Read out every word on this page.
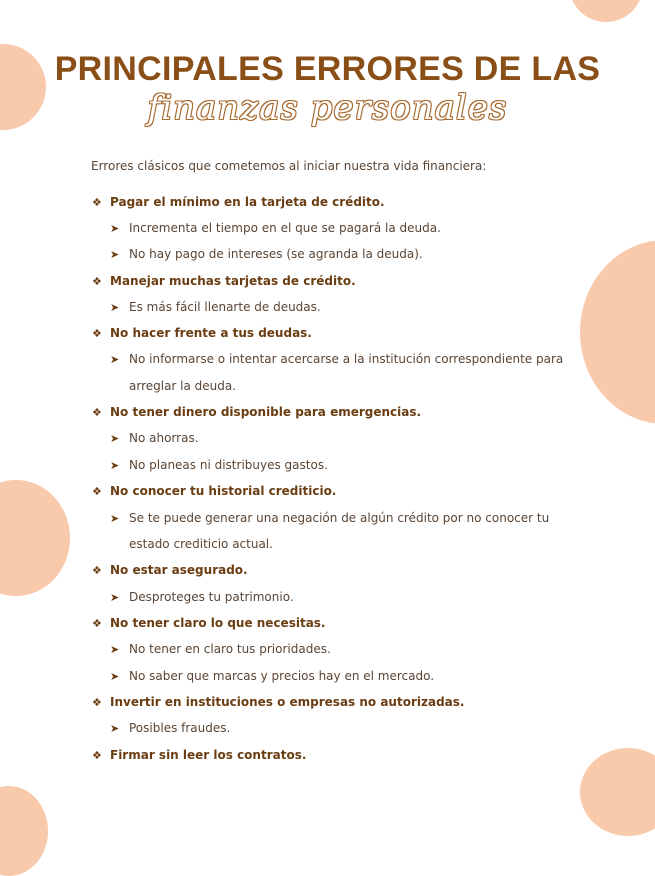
PRINCIPALES ERRORES DE LAS
finanzas personales
Errores clásicos que cometemos al iniciar nuestra vida financiera:
❖ Pagar el mínimo en la tarjeta de crédito.
➤ Incrementa el tiempo en el que se pagará la deuda.
➤ No hay pago de intereses (se agranda la deuda).
❖ Manejar muchas tarjetas de crédito.
➤ Es más fácil llenarte de deudas.
❖ No hacer frente a tus deudas.
➤ No informarse o intentar acercarse a la institución correspondiente para
arreglar la deuda.
❖ No tener dinero disponible para emergencias.
➤ No ahorras.
➤ No planeas ni distribuyes gastos.
❖ No conocer tu historial crediticio.
➤ Se te puede generar una negación de algún crédito por no conocer tu
estado crediticio actual.
❖ No estar asegurado.
➤ Desproteges tu patrimonio.
❖ No tener claro lo que necesitas.
➤ No tener en claro tus prioridades.
➤ No saber que marcas y precios hay en el mercado.
❖ Invertir en instituciones o empresas no autorizadas.
➤ Posibles fraudes.
❖ Firmar sin leer los contratos.
